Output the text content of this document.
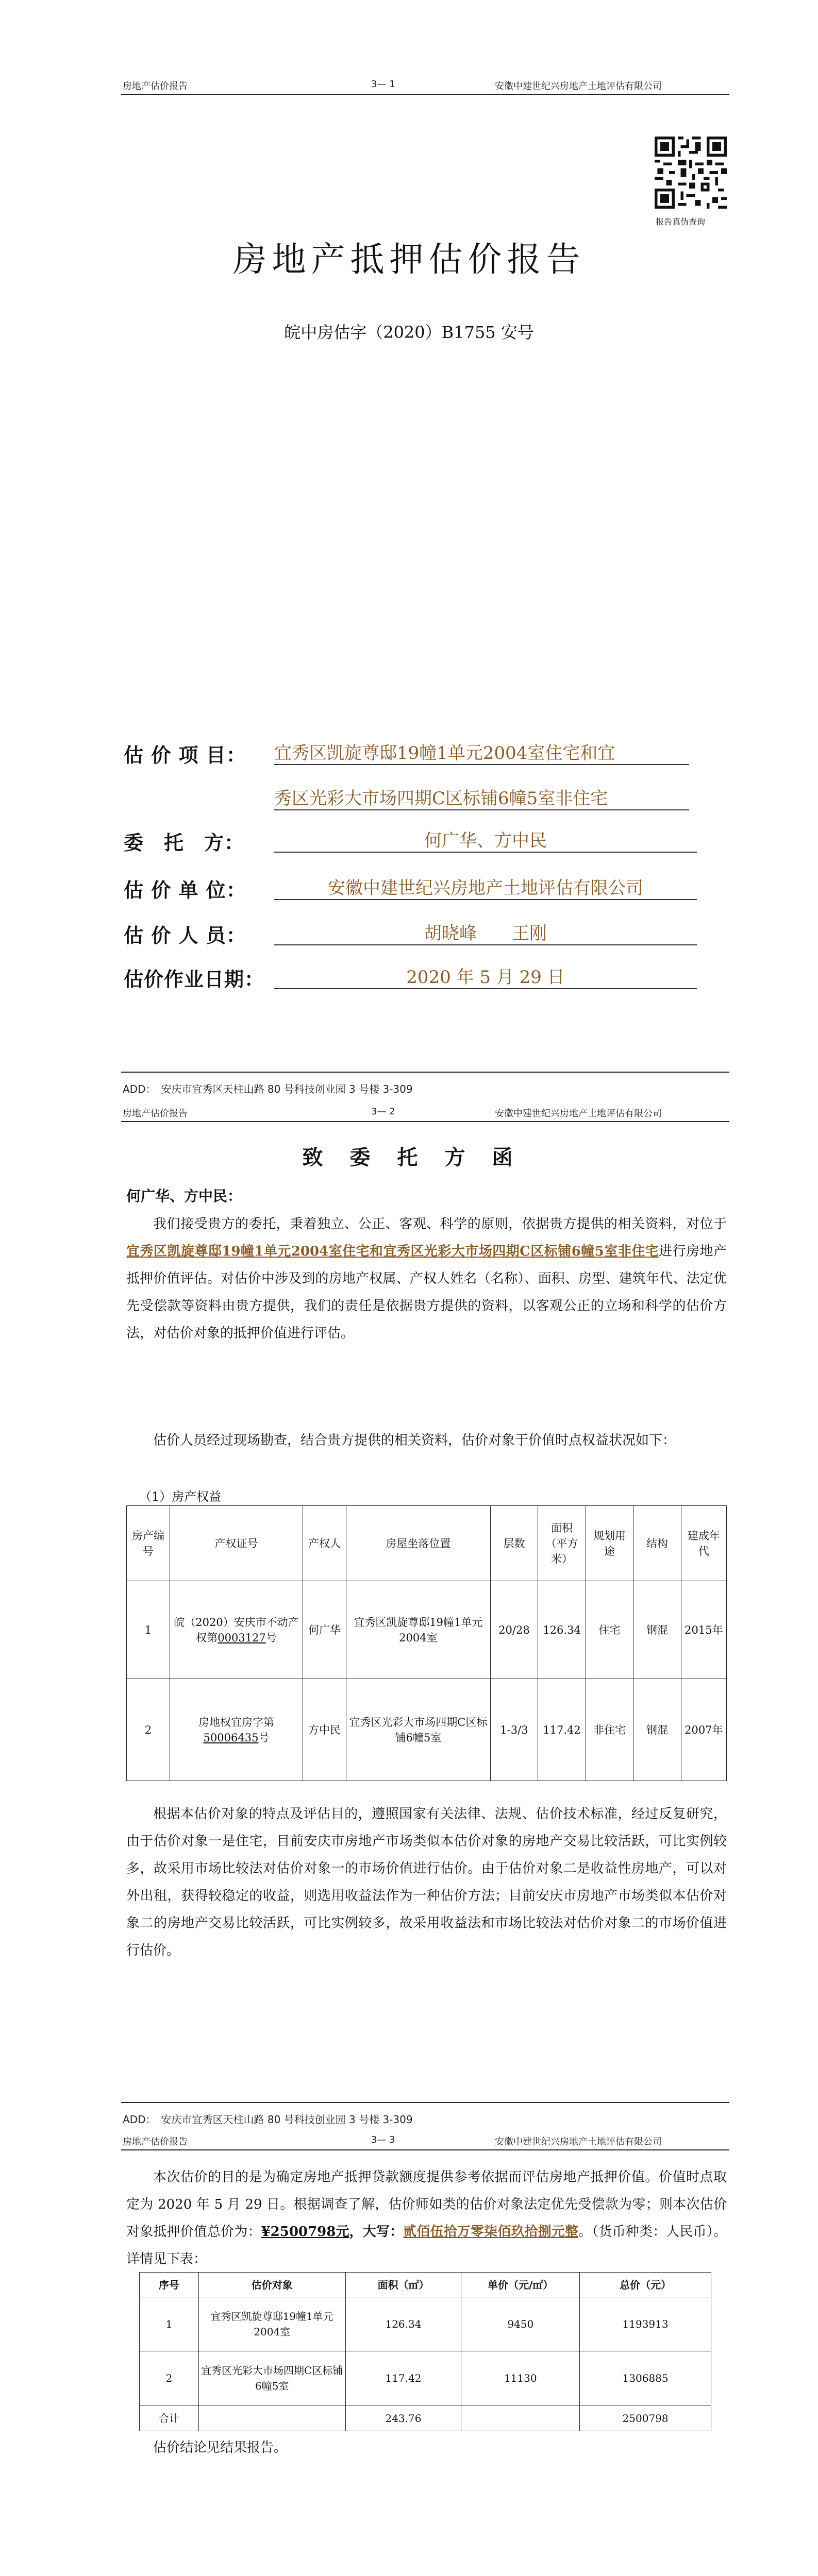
房地产估价报告	3— 1	安徽中建世纪兴房地产土地评估有限公司
报告真伪查询
房地产抵押估价报告
皖中房估字（2020）B1755 安号
估 价 项 目： 宜秀区凯旋尊邸19幢1单元2004室住宅和宜
秀区光彩大市场四期C区标铺6幢5室非住宅
委　托　方：	何广华、方中民
估 价 单 位：	安徽中建世纪兴房地产土地评估有限公司
估 价 人 员：	胡晓峰　　王刚
估价作业日期：	2020 年 5 月 29 日
ADD：　安庆市宜秀区天柱山路 80 号科技创业园 3 号楼 3-309
房地产估价报告	3— 2	安徽中建世纪兴房地产土地评估有限公司
致　委　托　方　函
何广华、方中民：

我们接受贵方的委托，秉着独立、公正、客观、科学的原则，依据贵方提供的相关资料，对位于宜秀区凯旋尊邸19幢1单元2004室住宅和宜秀区光彩大市场四期C区标铺6幢5室非住宅进行房地产抵押价值评估。对估价中涉及到的房地产权属、产权人姓名（名称）、面积、房型、建筑年代、法定优先受偿款等资料由贵方提供，我们的责任是依据贵方提供的资料，以客观公正的立场和科学的估价方法，对估价对象的抵押价值进行评估。

估价人员经过现场勘查，结合贵方提供的相关资料，估价对象于价值时点权益状况如下：

（1）房产权益
房产编号	产权证号	产权人	房屋坐落位置	层数	面积（平方米）	规划用途	结构	建成年代
1	皖（2020）安庆市不动产权第0003127号	何广华	宜秀区凯旋尊邸19幢1单元2004室	20/28	126.34	住宅	钢混	2015年
2	房地权宜房字第50006435号	方中民	宜秀区光彩大市场四期C区标铺6幢5室	1-3/3	117.42	非住宅	钢混	2007年

根据本估价对象的特点及评估目的，遵照国家有关法律、法规、估价技术标准，经过反复研究，由于估价对象一是住宅，目前安庆市房地产市场类似本估价对象的房地产交易比较活跃，可比实例较多，故采用市场比较法对估价对象一的市场价值进行估价。由于估价对象二是收益性房地产，可以对外出租，获得较稳定的收益，则选用收益法作为一种估价方法；目前安庆市房地产市场类似本估价对象二的房地产交易比较活跃，可比实例较多，故采用收益法和市场比较法对估价对象二的市场价值进行估价。

ADD：　安庆市宜秀区天柱山路 80 号科技创业园 3 号楼 3-309
房地产估价报告	3— 3	安徽中建世纪兴房地产土地评估有限公司

本次估价的目的是为确定房地产抵押贷款额度提供参考依据而评估房地产抵押价值。价值时点取定为 2020 年 5 月 29 日。根据调查了解，估价师如类的估价对象法定优先受偿款为零；则本次估价对象抵押价值总价为：¥2500798元，大写：贰佰伍拾万零柒佰玖拾捌元整。（货币种类：人民币）。详情见下表：

序号	估价对象	面积（㎡）	单价（元/㎡）	总价（元）
1	宜秀区凯旋尊邸19幢1单元2004室	126.34	9450	1193913
2	宜秀区光彩大市场四期C区标铺6幢5室	117.42	11130	1306885
合计		243.76		2500798

估价结论见结果报告。
